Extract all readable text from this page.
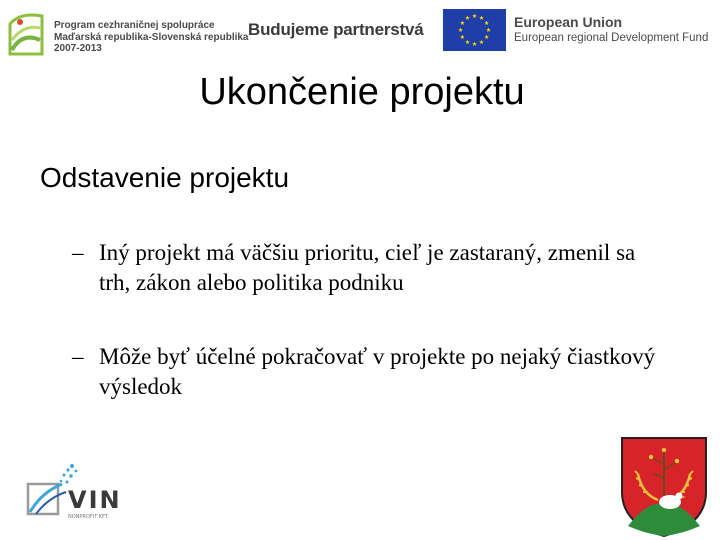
Program cezhraničnej spolupráce
Maďarská republika-Slovenská republika
2007-2013
Budujeme partnerstvá	European Union
European regional Development Fund
Ukončenie projektu
Odstavenie projektu
– Iný projekt má väčšiu prioritu, cieľ je zastaraný, zmenil sa trh, zákon alebo politika podniku
– Môže byť účelné pokračovať v projekte po nejaký čiastkový výsledok
VIN
NONPROFIT KFT.
